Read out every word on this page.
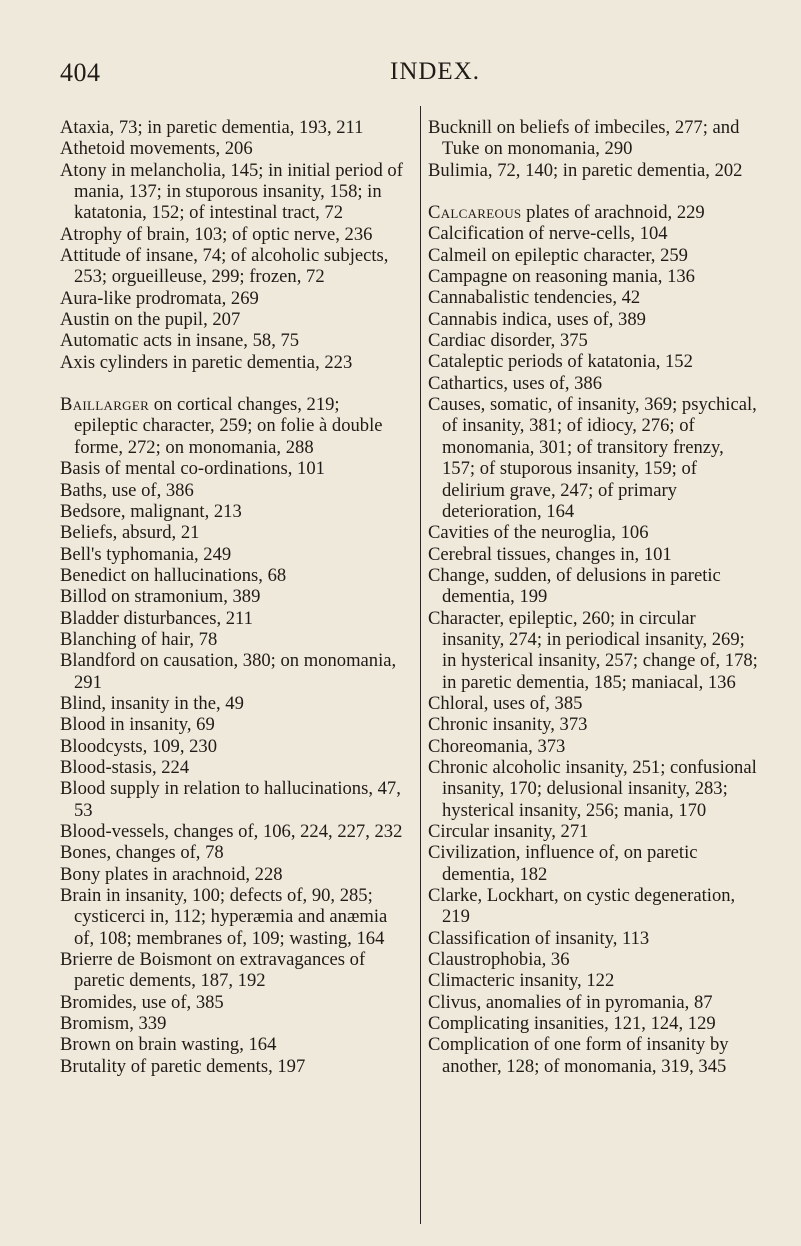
404	INDEX.

Ataxia, 73; in paretic dementia, 193, 211

Athetoid movements, 206

Atony in melancholia, 145; in initial period of mania, 137; in stuporous insanity, 158; in katatonia, 152; of intestinal tract, 72

Atrophy of brain, 103; of optic nerve, 236

Attitude of insane, 74; of alcoholic subjects, 253; orgueilleuse, 299; frozen, 72

Aura-like prodromata, 269

Austin on the pupil, 207

Automatic acts in insane, 58, 75

Axis cylinders in paretic dementia, 223

Baillarger on cortical changes, 219; epileptic character, 259; on folie à double forme, 272; on monomania, 288

Basis of mental co-ordinations, 101

Baths, use of, 386

Bedsore, malignant, 213

Beliefs, absurd, 21

Bell's typhomania, 249

Benedict on hallucinations, 68

Billod on stramonium, 389

Bladder disturbances, 211

Blanching of hair, 78

Blandford on causation, 380; on monomania, 291

Blind, insanity in the, 49

Blood in insanity, 69

Bloodcysts, 109, 230

Blood-stasis, 224

Blood supply in relation to hallucinations, 47, 53

Blood-vessels, changes of, 106, 224, 227, 232

Bones, changes of, 78

Bony plates in arachnoid, 228

Brain in insanity, 100; defects of, 90, 285; cysticerci in, 112; hyperæmia and anæmia of, 108; membranes of, 109; wasting, 164

Brierre de Boismont on extravagances of paretic dements, 187, 192

Bromides, use of, 385

Bromism, 339

Brown on brain wasting, 164

Brutality of paretic dements, 197

Bucknill on beliefs of imbeciles, 277; and Tuke on monomania, 290

Bulimia, 72, 140; in paretic dementia, 202

Calcareous plates of arachnoid, 229

Calcification of nerve-cells, 104

Calmeil on epileptic character, 259

Campagne on reasoning mania, 136

Cannabalistic tendencies, 42

Cannabis indica, uses of, 389

Cardiac disorder, 375

Cataleptic periods of katatonia, 152

Cathartics, uses of, 386

Causes, somatic, of insanity, 369; psychical, of insanity, 381; of idiocy, 276; of monomania, 301; of transitory frenzy, 157; of stuporous insanity, 159; of delirium grave, 247; of primary deterioration, 164

Cavities of the neuroglia, 106

Cerebral tissues, changes in, 101

Change, sudden, of delusions in paretic dementia, 199

Character, epileptic, 260; in circular insanity, 274; in periodical insanity, 269; in hysterical insanity, 257; change of, 178; in paretic dementia, 185; maniacal, 136

Chloral, uses of, 385

Chronic insanity, 373

Choreomania, 373

Chronic alcoholic insanity, 251; confusional insanity, 170; delusional insanity, 283; hysterical insanity, 256; mania, 170

Circular insanity, 271

Civilization, influence of, on paretic dementia, 182

Clarke, Lockhart, on cystic degeneration, 219

Classification of insanity, 113

Claustrophobia, 36

Climacteric insanity, 122

Clivus, anomalies of in pyromania, 87

Complicating insanities, 121, 124, 129

Complication of one form of insanity by another, 128; of monomania, 319, 345
